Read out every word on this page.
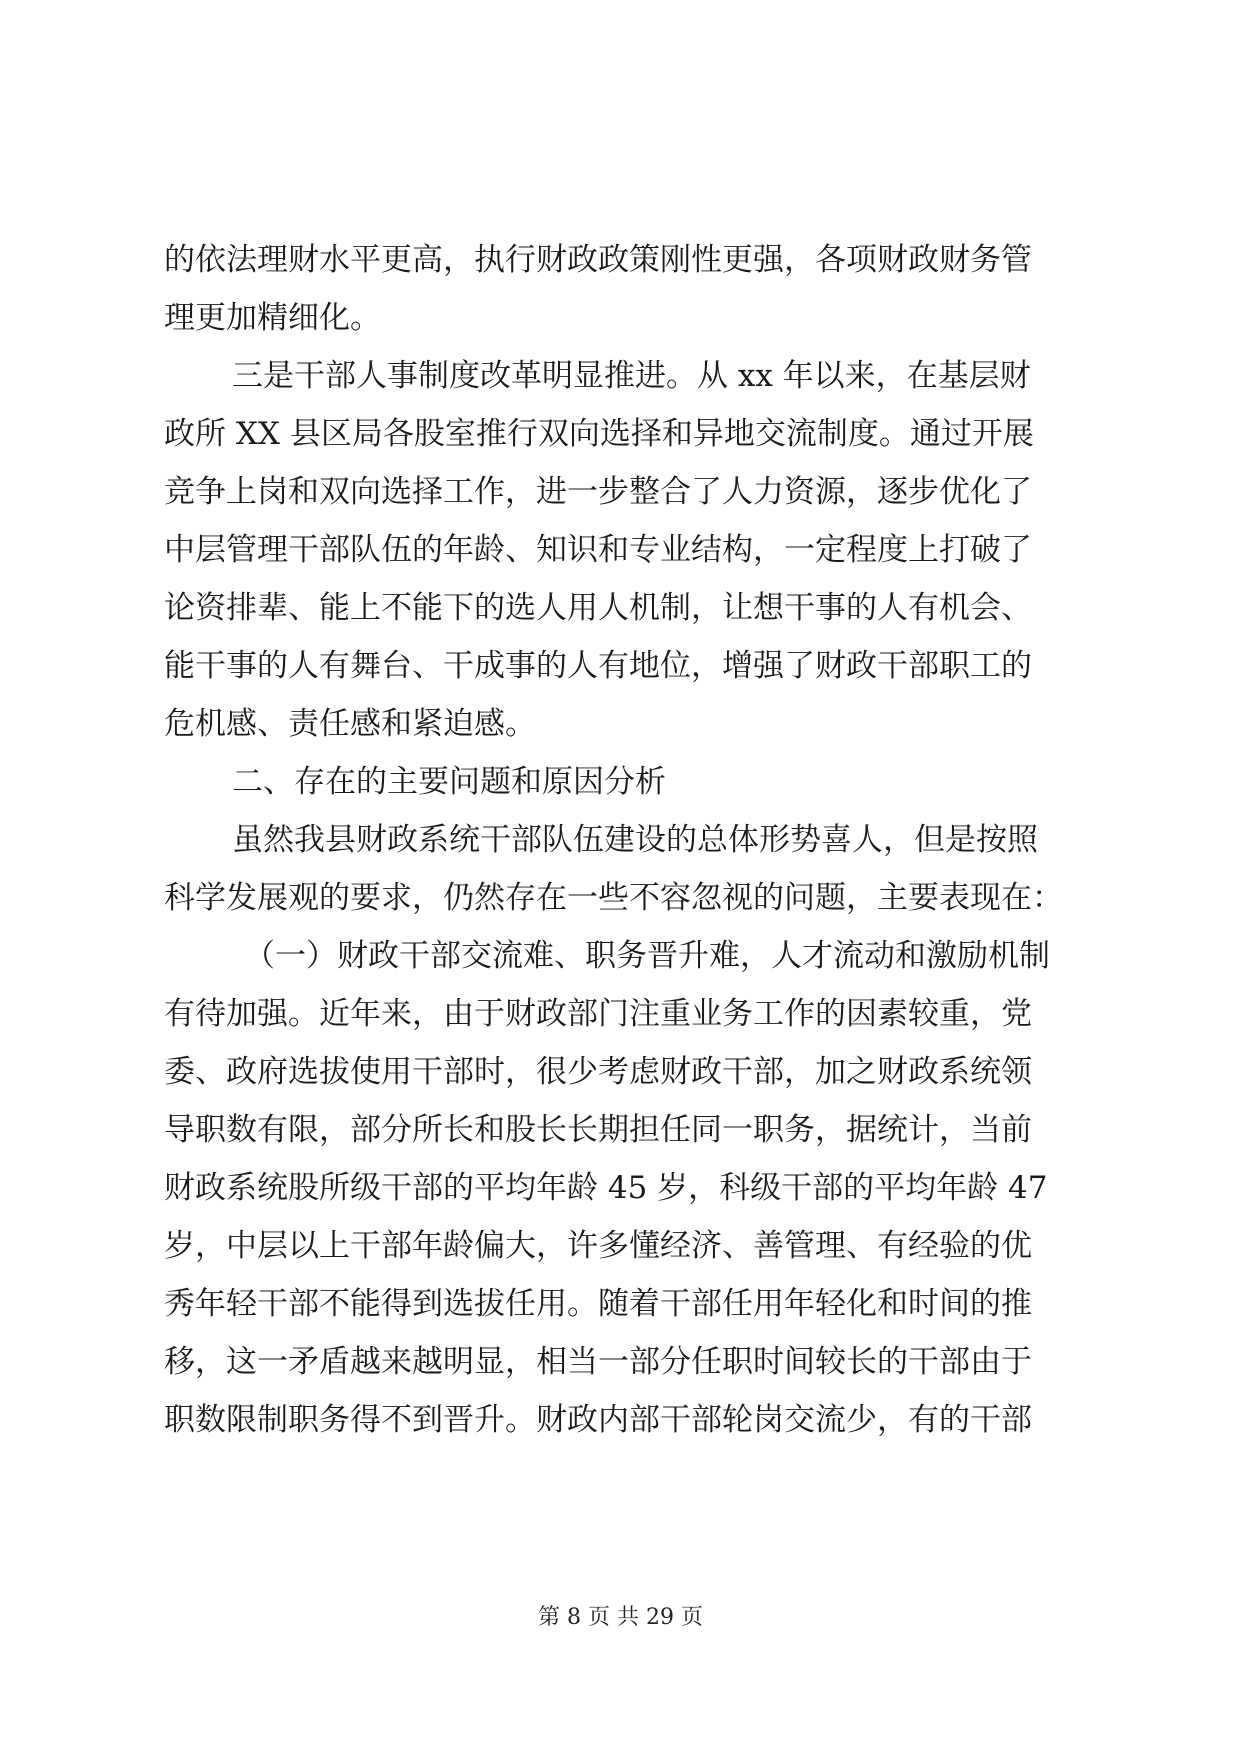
的依法理财水平更高，执行财政政策刚性更强，各项财政财务管
理更加精细化。
三是干部人事制度改革明显推进。从 xx 年以来，在基层财
政所 XX 县区局各股室推行双向选择和异地交流制度。通过开展
竞争上岗和双向选择工作，进一步整合了人力资源，逐步优化了
中层管理干部队伍的年龄、知识和专业结构，一定程度上打破了
论资排辈、能上不能下的选人用人机制，让想干事的人有机会、
能干事的人有舞台、干成事的人有地位，增强了财政干部职工的
危机感、责任感和紧迫感。
二、存在的主要问题和原因分析
虽然我县财政系统干部队伍建设的总体形势喜人，但是按照
科学发展观的要求，仍然存在一些不容忽视的问题，主要表现在：
（一）财政干部交流难、职务晋升难，人才流动和激励机制
有待加强。近年来，由于财政部门注重业务工作的因素较重，党
委、政府选拔使用干部时，很少考虑财政干部，加之财政系统领
导职数有限，部分所长和股长长期担任同一职务，据统计，当前
财政系统股所级干部的平均年龄 45 岁，科级干部的平均年龄 47
岁，中层以上干部年龄偏大，许多懂经济、善管理、有经验的优
秀年轻干部不能得到选拔任用。随着干部任用年轻化和时间的推
移，这一矛盾越来越明显，相当一部分任职时间较长的干部由于
职数限制职务得不到晋升。财政内部干部轮岗交流少，有的干部
第 8 页 共 29 页
